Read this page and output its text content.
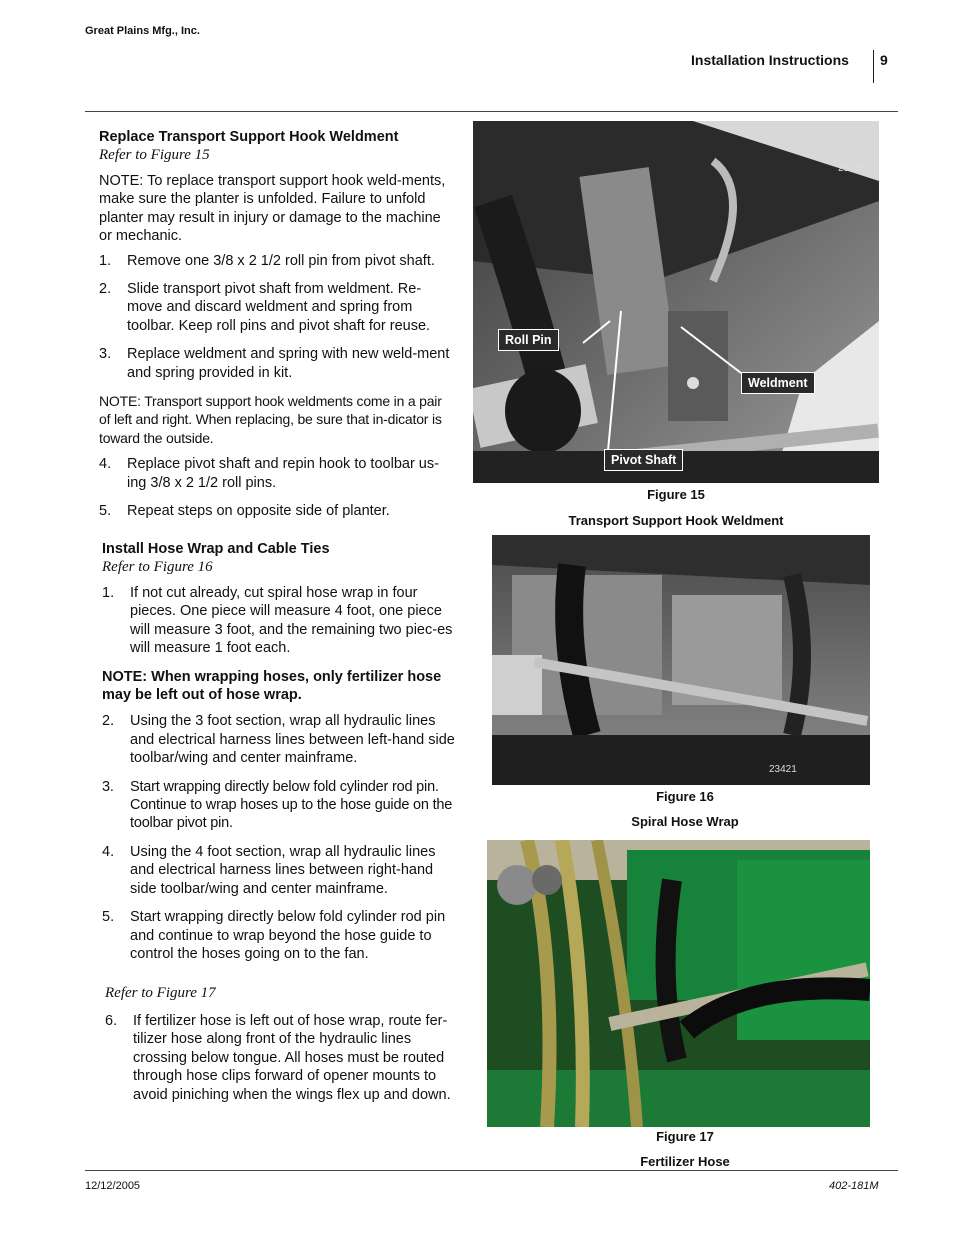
Great Plains Mfg., Inc.
Installation Instructions 9
Replace Transport Support Hook Weldment
Refer to Figure 15

NOTE: To replace transport support hook weld-ments, make sure the planter is unfolded. Failure to unfold planter may result in injury or damage to the machine or mechanic.

1. Remove one 3/8 x 2 1/2 roll pin from pivot shaft.
2. Slide transport pivot shaft from weldment. Re-move and discard weldment and spring from toolbar. Keep roll pins and pivot shaft for reuse.
3. Replace weldment and spring with new weld-ment and spring provided in kit.

NOTE: Transport support hook weldments come in a pair of left and right. When replacing, be sure that in-dicator is toward the outside.

4. Replace pivot shaft and repin hook to toolbar us-ing 3/8 x 2 1/2 roll pins.
5. Repeat steps on opposite side of planter.
Install Hose Wrap and Cable Ties
Refer to Figure 16
1. If not cut already, cut spiral hose wrap in four pieces. One piece will measure 4 foot, one piece will measure 3 foot, and the remaining two piec-es will measure 1 foot each.

NOTE: When wrapping hoses, only fertilizer hose may be left out of hose wrap.

2. Using the 3 foot section, wrap all hydraulic lines and electrical harness lines between left-hand side toolbar/wing and center mainframe.
3. Start wrapping directly below fold cylinder rod pin. Continue to wrap hoses up to the hose guide on the toolbar pivot pin.
4. Using the 4 foot section, wrap all hydraulic lines and electrical harness lines between right-hand side toolbar/wing and center mainframe.
5. Start wrapping directly below fold cylinder rod pin and continue to wrap beyond the hose guide to control the hoses going on to the fan.
Refer to Figure 17
6. If fertilizer hose is left out of hose wrap, route fer-tilizer hose along front of the hydraulic lines crossing below tongue. All hoses must be routed through hose clips forward of opener mounts to avoid piniching when the wings flex up and down.
23418
Roll Pin
Weldment
Pivot Shaft
Figure 15
Transport Support Hook Weldment
23421
Figure 16
Spiral Hose Wrap
Figure 17
Fertilizer Hose
12/12/2005	402-181M
